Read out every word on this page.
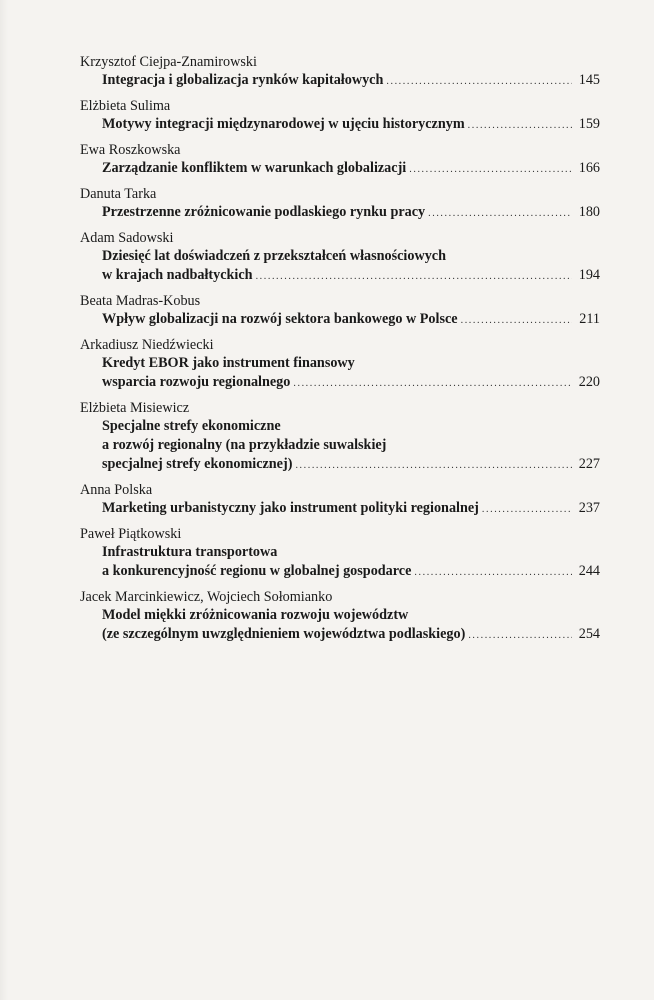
Krzysztof Ciejpa-Znamirowski
Integracja i globalizacja rynków kapitałowych .....	145
Elżbieta Sulima
Motywy integracji międzynarodowej w ujęciu historycznym .....	159
Ewa Roszkowska
Zarządzanie konfliktem w warunkach globalizacji .....	166
Danuta Tarka
Przestrzenne zróżnicowanie podlaskiego rynku pracy .....	180
Adam Sadowski
Dziesięć lat doświadczeń z przekształceń własnościowych
w krajach nadbałtyckich .....	194
Beata Madras-Kobus
Wpływ globalizacji na rozwój sektora bankowego w Polsce .....	211
Arkadiusz Niedźwiecki
Kredyt EBOR jako instrument finansowy
wsparcia rozwoju regionalnego .....	220
Elżbieta Misiewicz
Specjalne strefy ekonomiczne
a rozwój regionalny (na przykładzie suwalskiej
specjalnej strefy ekonomicznej) .....	227
Anna Polska
Marketing urbanistyczny jako instrument polityki regionalnej .....	237
Paweł Piątkowski
Infrastruktura transportowa
a konkurencyjność regionu w globalnej gospodarce .....	244
Jacek Marcinkiewicz, Wojciech Sołomianko
Model miękki zróżnicowania rozwoju województw
(ze szczególnym uwzględnieniem województwa podlaskiego) .....	254
